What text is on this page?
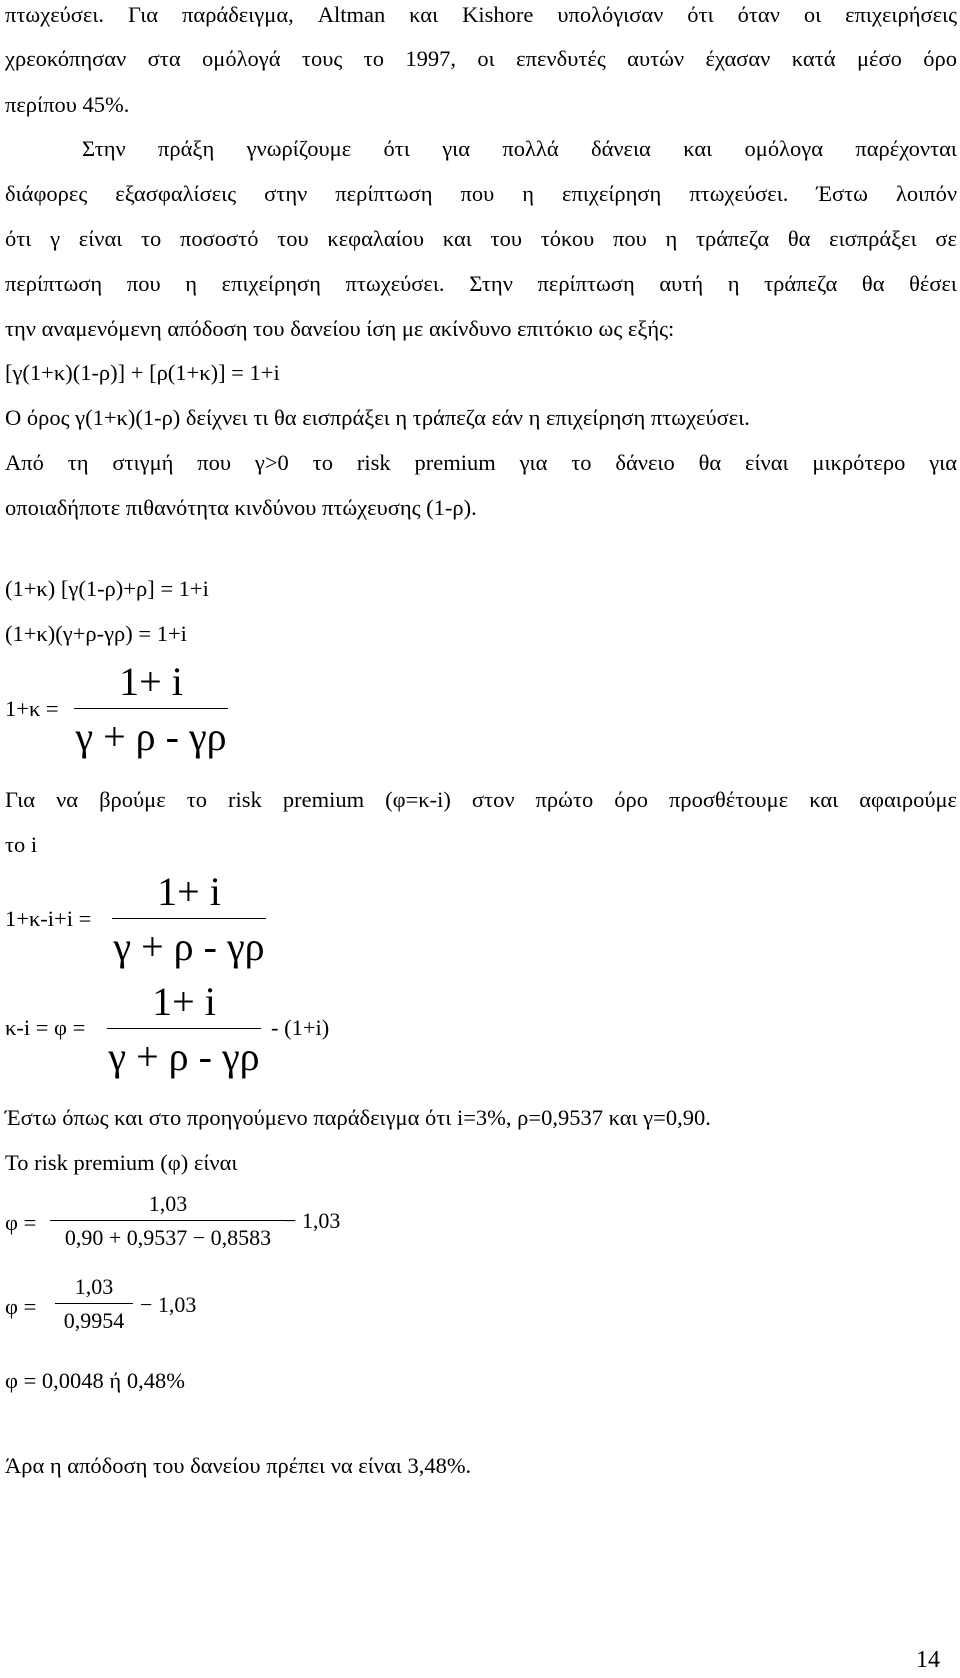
πτωχεύσει. Για παράδειγμα, Altman και Kishore υπολόγισαν ότι όταν οι επιχειρήσεις
χρεοκόπησαν στα ομόλογά τους το 1997, οι επενδυτές αυτών έχασαν κατά μέσο όρο
περίπου 45%.
Στην πράξη γνωρίζουμε ότι για πολλά δάνεια και ομόλογα παρέχονται
διάφορες εξασφαλίσεις στην περίπτωση που η επιχείρηση πτωχεύσει. Έστω λοιπόν
ότι γ είναι το ποσοστό του κεφαλαίου και του τόκου που η τράπεζα θα εισπράξει σε
περίπτωση που η επιχείρηση πτωχεύσει. Στην περίπτωση αυτή η τράπεζα θα θέσει
την αναμενόμενη απόδοση του δανείου ίση με ακίνδυνο επιτόκιο ως εξής:
[γ(1+κ)(1-ρ)] + [ρ(1+κ)] = 1+i
Ο όρος γ(1+κ)(1-ρ) δείχνει τι θα εισπράξει η τράπεζα εάν η επιχείρηση πτωχεύσει.
Από τη στιγμή που γ>0 το risk premium για το δάνειο θα είναι μικρότερο για
οποιαδήποτε πιθανότητα κινδύνου πτώχευσης (1-ρ).
(1+κ) [γ(1-ρ)+ρ] = 1+i
(1+κ)(γ+ρ-γρ) = 1+i
1+κ =
1+ i
γ + ρ - γρ
Για να βρούμε το risk premium (φ=κ-i) στον πρώτο όρο προσθέτουμε και αφαιρούμε
το i
1+κ-i+i =
1+ i
γ + ρ - γρ
κ-i = φ =
1+ i
γ + ρ - γρ
- (1+i)
Έστω όπως και στο προηγούμενο παράδειγμα ότι i=3%, ρ=0,9537 και γ=0,90.
Το risk premium (φ) είναι
φ =
1,03
0,90 + 0,9537 − 0,8583
− 1,03
φ =
1,03
0,9954
− 1,03
φ = 0,0048 ή 0,48%
Άρα η απόδοση του δανείου πρέπει να είναι 3,48%.
14
